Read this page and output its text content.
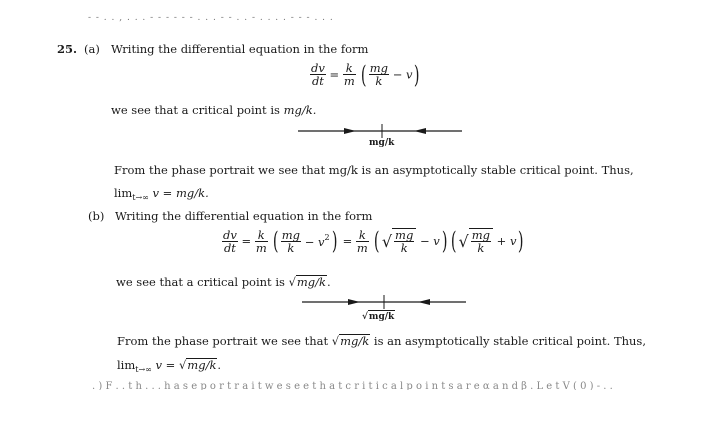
- - . . , . . . - - - - - - . . . - - . . - . . . . - - - . . .
25. (a) Writing the differential equation in the form
$\frac{dv}{dt} = \frac{k}{m}$ ( $\frac{mg}{k} - v$)
we see that a critical point is mg/k.
mg/k
From the phase portrait we see that mg/k is an asymptotically stable critical point. Thus,
$\lim_{t\to\infty} v = mg/k$.
(b) Writing the differential equation in the form
$\frac{dv}{dt} = \frac{k}{m}$ ( $\frac{mg}{k} - v^2) = \frac{k}{m}$ ( √ $\frac{mg}{k} - v$) ( √ $\frac{mg}{k} + v$)
we see that a critical point is √mg/k.
√mg/k
From the phase portrait we see that √mg/k is an asymptotically stable critical point. Thus,
$\lim_{t\to\infty} v = √mg/k$.
. ) F . . t h . . . h a s e p o r t r a i t w e s e e t h a t c r i t i c a l p o i n t s a r e α a n d β . L e t V ( 0 ) - . .
